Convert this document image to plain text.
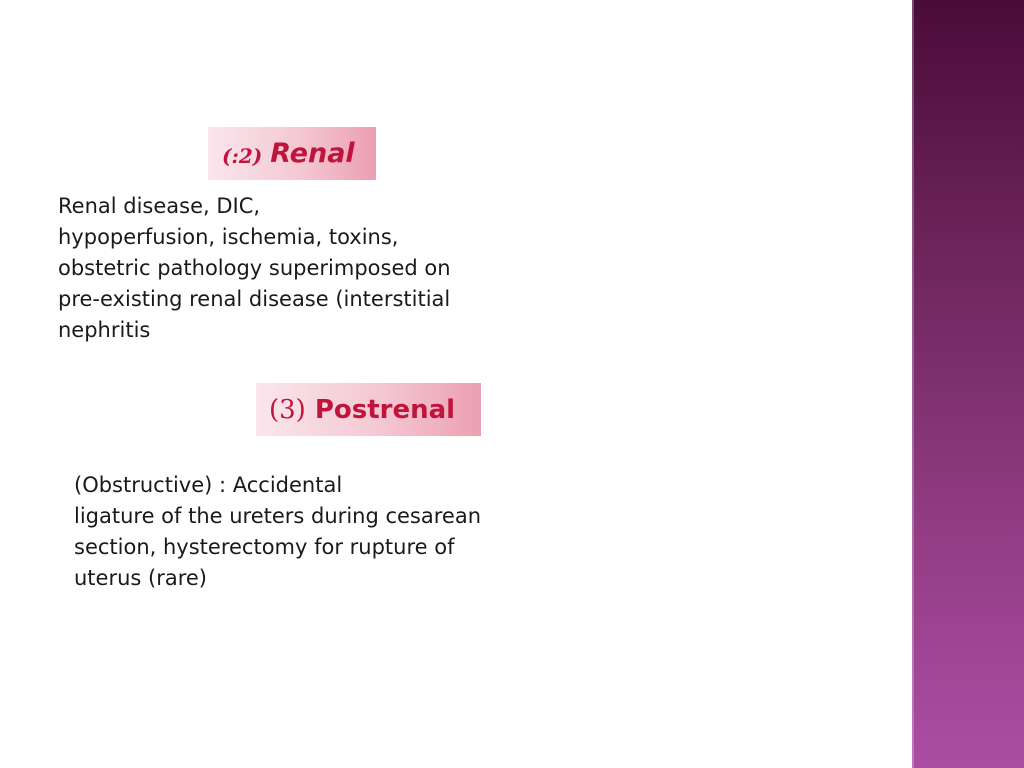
(:2) Renal

Renal disease, DIC,
hypoperfusion, ischemia, toxins,
obstetric pathology superimposed on
pre-existing renal disease (interstitial
nephritis

(3) Postrenal

(Obstructive) : Accidental
ligature of the ureters during cesarean
section, hysterectomy for rupture of
uterus (rare)
